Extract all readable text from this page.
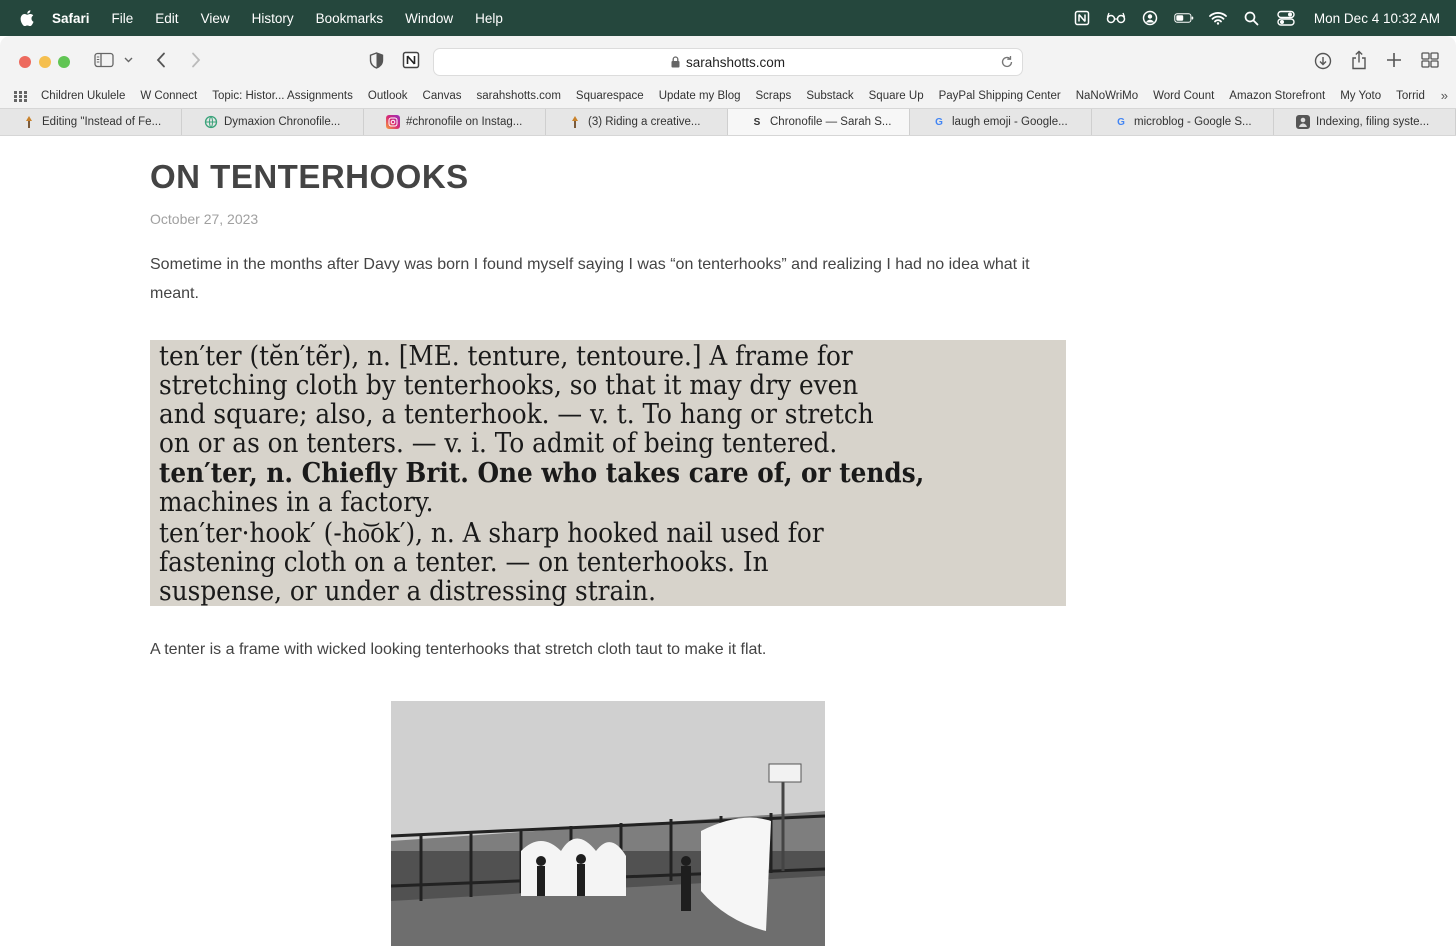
Safari File Edit View History Bookmarks Window Help	Mon Dec 4 10:32 AM
sarahshotts.com
Children Ukulele W Connect Topic: Histor... Assignments Outlook Canvas sarahshotts.com Squarespace Update my Blog Scraps Substack Square Up PayPal Shipping Center NaNoWriMo Word Count Amazon Storefront My Yoto Torrid »
Editing "Instead of Fe...	Dymaxion Chronofile...	#chronofile on Instag...	(3) Riding a creative...	S Chronofile — Sarah S...	G laugh emoji - Google...	G microblog - Google S...	Indexing, filing syste...
ON TENTERHOOKS
October 27, 2023

Sometime in the months after Davy was born I found myself saying I was “on tenterhooks” and realizing I had no idea what it meant.

ten′ter (tĕn′tẽr), n. [ME. tenture, tentoure.] A frame for
stretching cloth by tenterhooks, so that it may dry even
and square; also, a tenterhook. — v. t. To hang or stretch
on or as on tenters. — v. i. To admit of being tentered.
ten′ter, n. Chiefly Brit. One who takes care of, or tends,
machines in a factory.
ten′ter·hook′ (-ho͝ok′), n. A sharp hooked nail used for
fastening cloth on a tenter. — on tenterhooks. In
suspense, or under a distressing strain.

A tenter is a frame with wicked looking tenterhooks that stretch cloth taut to make it flat.
